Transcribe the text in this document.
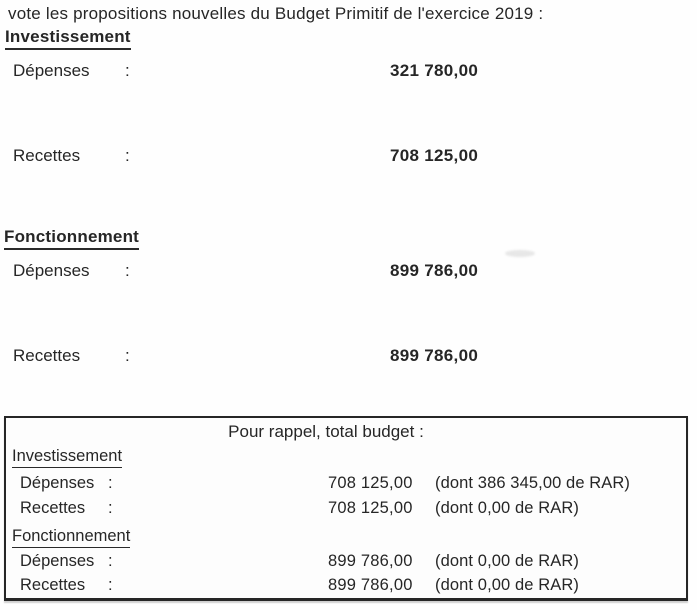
vote les propositions nouvelles du Budget Primitif de l'exercice 2019 :
Investissement
Dépenses :	321 780,00
Recettes	:	708 125,00
Fonctionnement
Dépenses :	899 786,00
Recettes	:	899 786,00
Pour rappel, total budget :
Investissement
Dépenses :	708 125,00 (dont 386 345,00 de RAR)
Recettes :	708 125,00 (dont 0,00 de RAR)
Fonctionnement
Dépenses :	899 786,00 (dont 0,00 de RAR)
Recettes :	899 786,00 (dont 0,00 de RAR)
